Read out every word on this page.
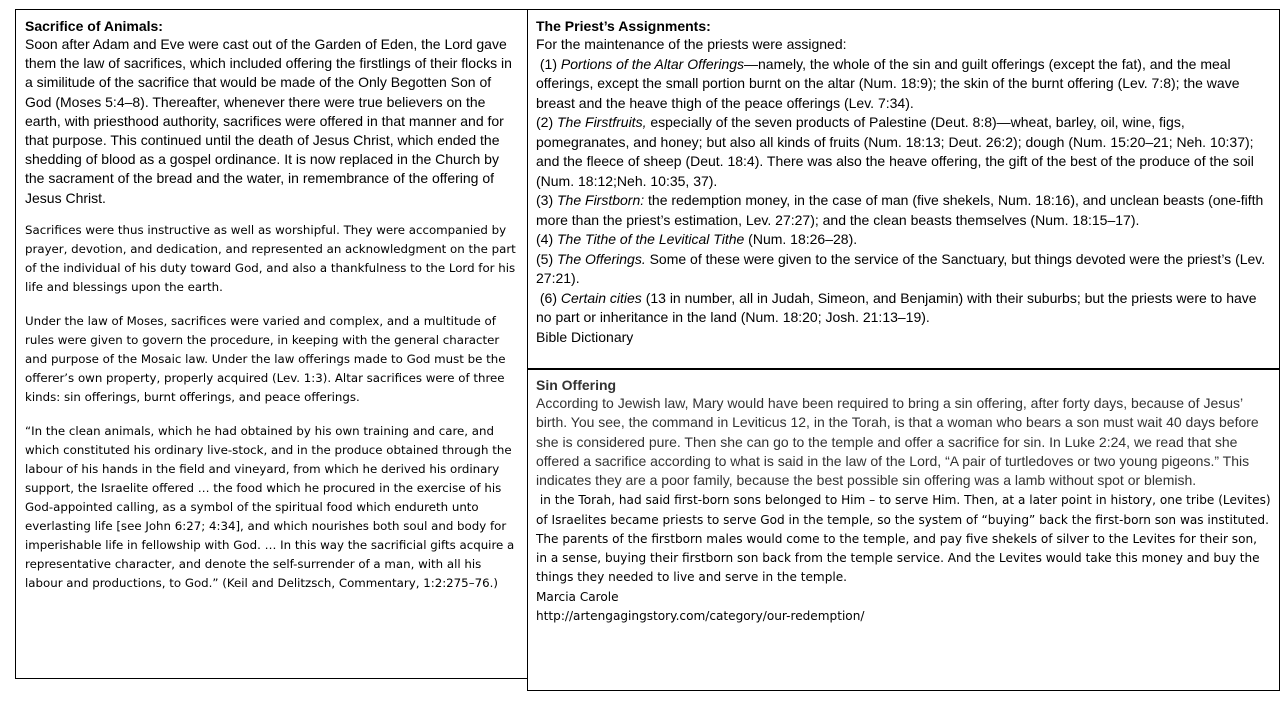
Sacrifice of Animals:
Soon after Adam and Eve were cast out of the Garden of Eden, the Lord gave them the law of sacrifices, which included offering the firstlings of their flocks in a similitude of the sacrifice that would be made of the Only Begotten Son of God (Moses 5:4–8). Thereafter, whenever there were true believers on the earth, with priesthood authority, sacrifices were offered in that manner and for that purpose. This continued until the death of Jesus Christ, which ended the shedding of blood as a gospel ordinance. It is now replaced in the Church by the sacrament of the bread and the water, in remembrance of the offering of Jesus Christ.

Sacrifices were thus instructive as well as worshipful. They were accompanied by prayer, devotion, and dedication, and represented an acknowledgment on the part of the individual of his duty toward God, and also a thankfulness to the Lord for his life and blessings upon the earth.

Under the law of Moses, sacrifices were varied and complex, and a multitude of rules were given to govern the procedure, in keeping with the general character and purpose of the Mosaic law. Under the law offerings made to God must be the offerer’s own property, properly acquired (Lev. 1:3). Altar sacrifices were of three kinds: sin offerings, burnt offerings, and peace offerings.

“In the clean animals, which he had obtained by his own training and care, and which constituted his ordinary live-stock, and in the produce obtained through the labour of his hands in the field and vineyard, from which he derived his ordinary support, the Israelite offered … the food which he procured in the exercise of his God-appointed calling, as a symbol of the spiritual food which endureth unto everlasting life [see John 6:27; 4:34], and which nourishes both soul and body for imperishable life in fellowship with God. … In this way the sacrificial gifts acquire a representative character, and denote the self-surrender of a man, with all his labour and productions, to God.” (Keil and Delitzsch, Commentary, 1:2:275–76.)

The Priest’s Assignments:

For the maintenance of the priests were assigned:

(1) Portions of the Altar Offerings—namely, the whole of the sin and guilt offerings (except the fat), and the meal offerings, except the small portion burnt on the altar (Num. 18:9); the skin of the burnt offering (Lev. 7:8); the wave breast and the heave thigh of the peace offerings (Lev. 7:34).

(2) The Firstfruits, especially of the seven products of Palestine (Deut. 8:8)—wheat, barley, oil, wine, figs, pomegranates, and honey; but also all kinds of fruits (Num. 18:13; Deut. 26:2); dough (Num. 15:20–21; Neh. 10:37); and the fleece of sheep (Deut. 18:4). There was also the heave offering, the gift of the best of the produce of the soil (Num. 18:12;Neh. 10:35, 37).

(3) The Firstborn: the redemption money, in the case of man (five shekels, Num. 18:16), and unclean beasts (one-fifth more than the priest’s estimation, Lev. 27:27); and the clean beasts themselves (Num. 18:15–17).

(4) The Tithe of the Levitical Tithe (Num. 18:26–28).

(5) The Offerings. Some of these were given to the service of the Sanctuary, but things devoted were the priest’s (Lev. 27:21).

(6) Certain cities (13 in number, all in Judah, Simeon, and Benjamin) with their suburbs; but the priests were to have no part or inheritance in the land (Num. 18:20; Josh. 21:13–19).

Bible Dictionary

Sin Offering
According to Jewish law, Mary would have been required to bring a sin offering, after forty days, because of Jesus’ birth. You see, the command in Leviticus 12, in the Torah, is that a woman who bears a son must wait 40 days before she is considered pure. Then she can go to the temple and offer a sacrifice for sin. In Luke 2:24, we read that she offered a sacrifice according to what is said in the law of the Lord, “A pair of turtledoves or two young pigeons.” This indicates they are a poor family, because the best possible sin offering was a lamb without spot or blemish.

in the Torah, had said first-born sons belonged to Him – to serve Him. Then, at a later point in history, one tribe (Levites) of Israelites became priests to serve God in the temple, so the system of “buying” back the first-born son was instituted.

The parents of the firstborn males would come to the temple, and pay five shekels of silver to the Levites for their son, in a sense, buying their firstborn son back from the temple service. And the Levites would take this money and buy the things they needed to live and serve in the temple.

Marcia Carole

http://artengagingstory.com/category/our-redemption/
